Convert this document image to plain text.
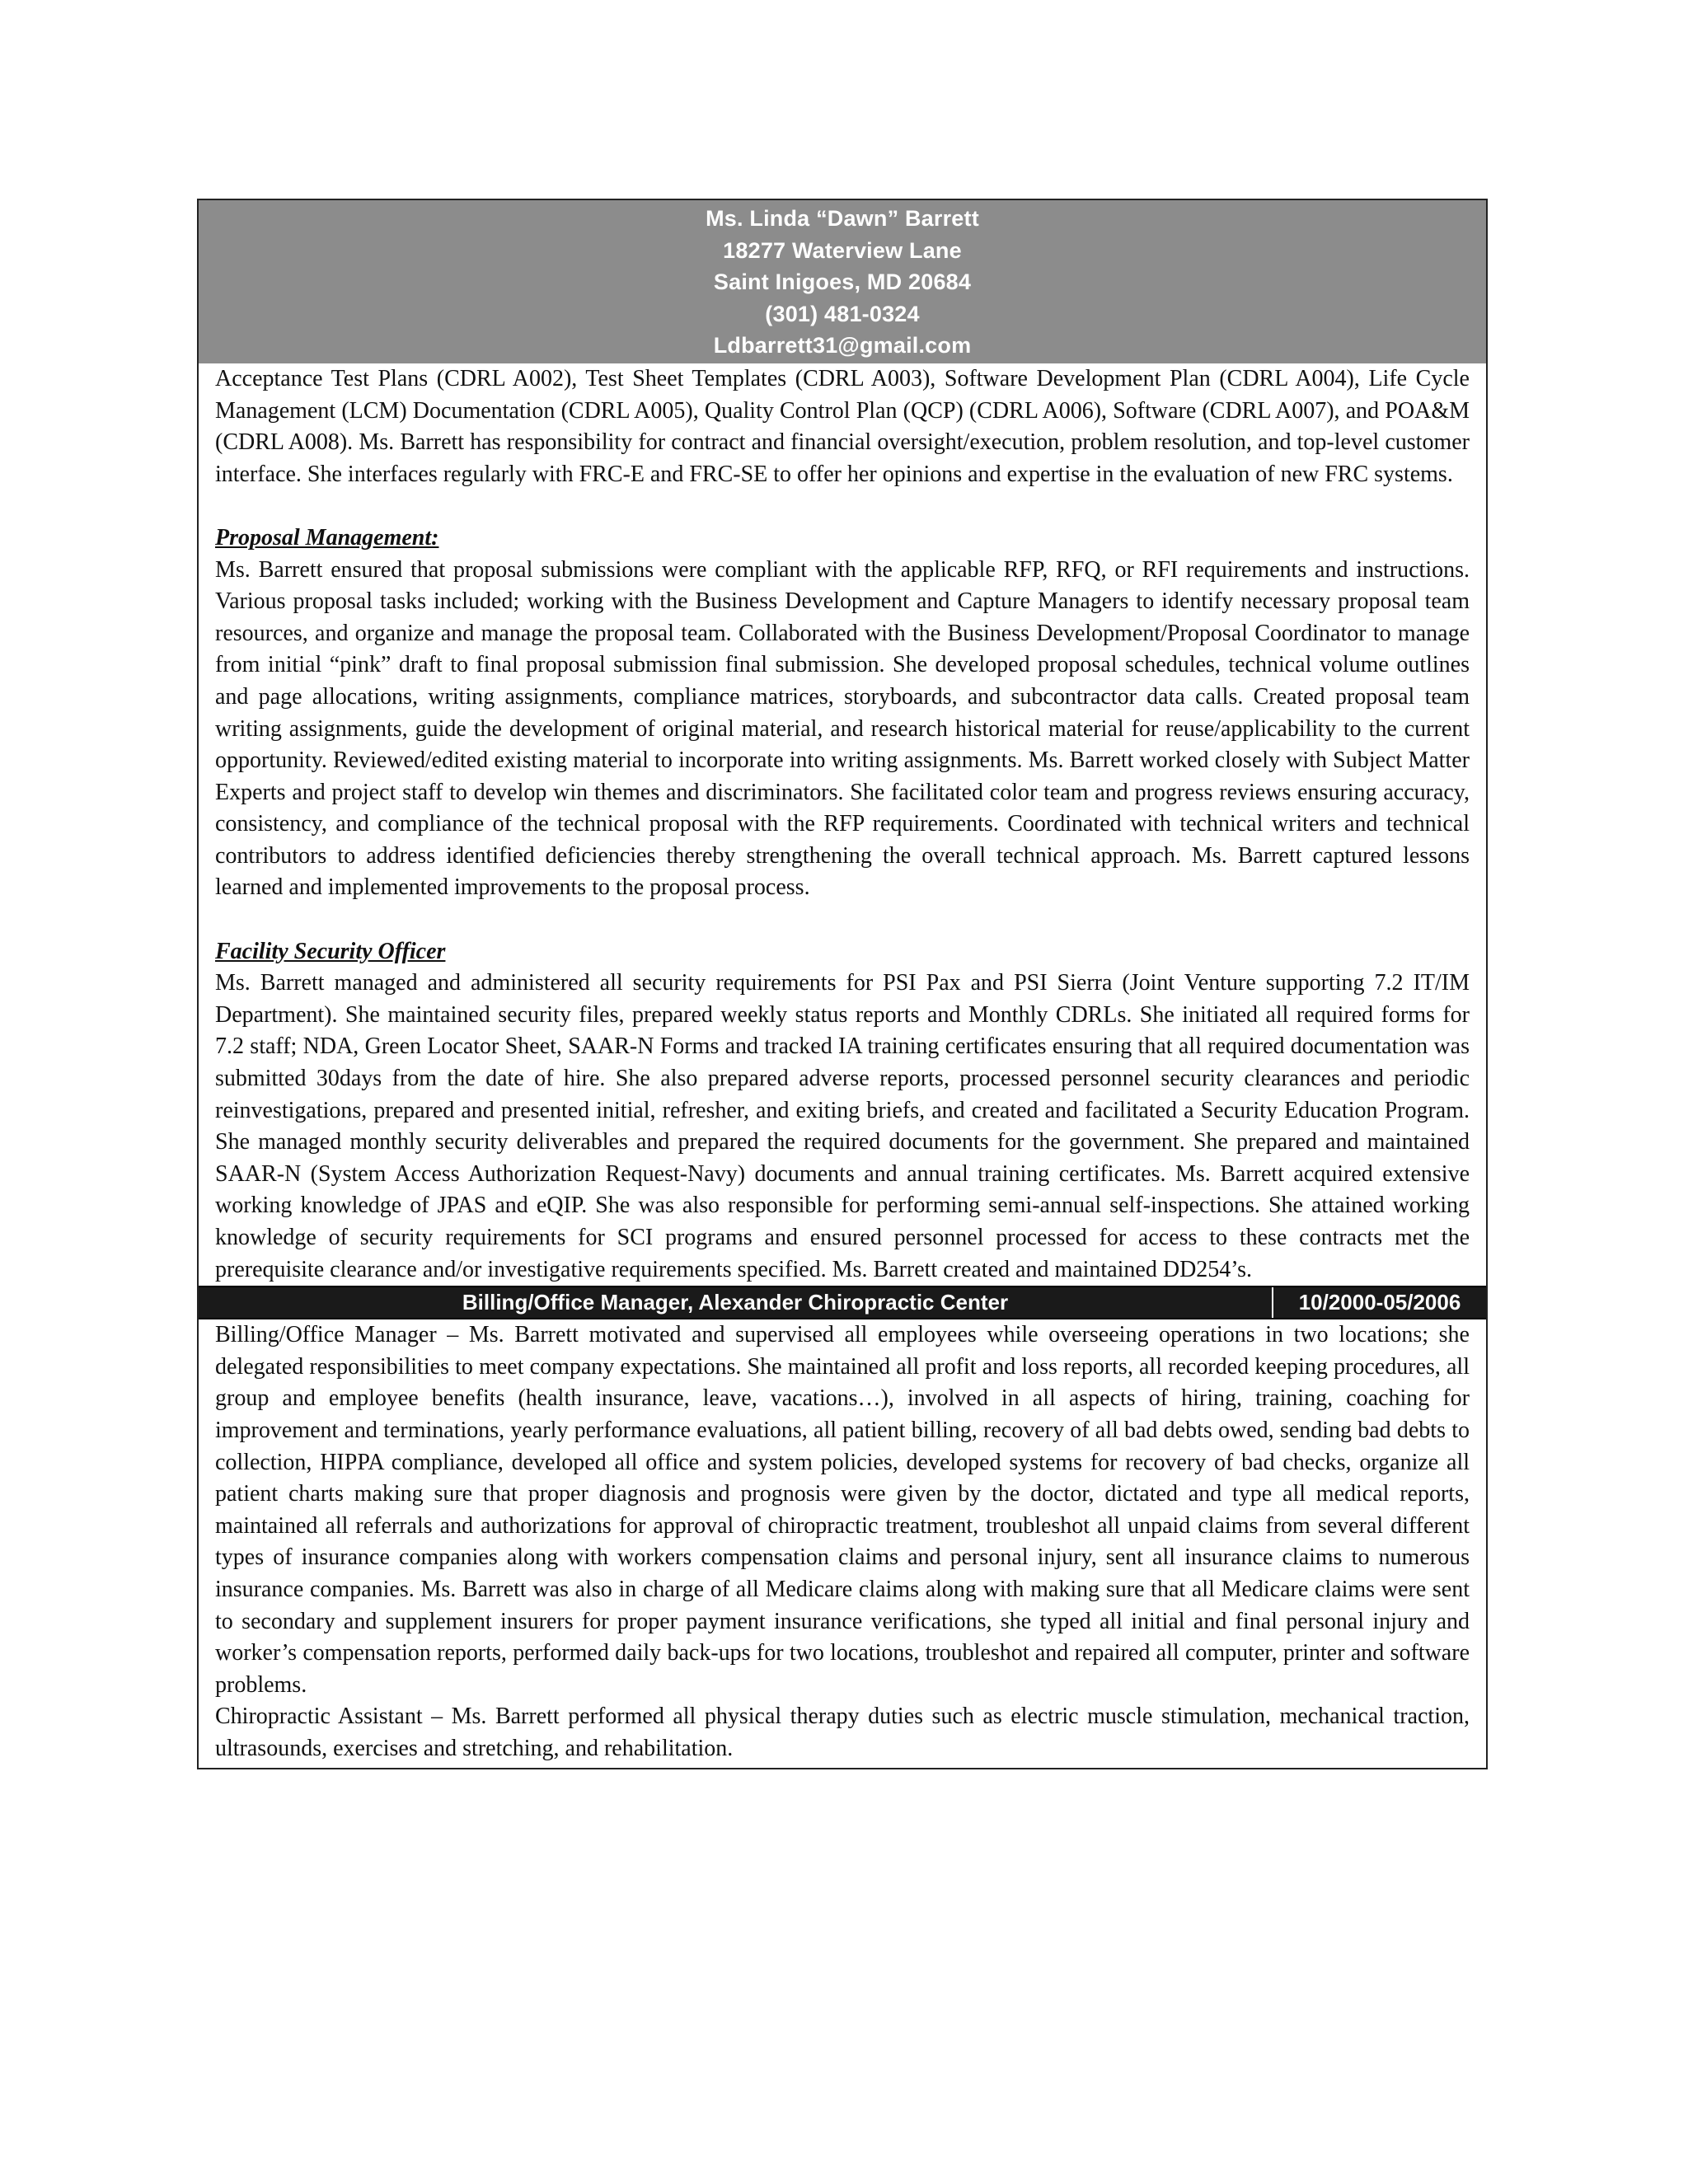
Ms. Linda “Dawn” Barrett
18277 Waterview Lane
Saint Inigoes, MD 20684
(301) 481-0324
Ldbarrett31@gmail.com

Acceptance Test Plans (CDRL A002), Test Sheet Templates (CDRL A003), Software Development Plan (CDRL A004), Life Cycle Management (LCM) Documentation (CDRL A005), Quality Control Plan (QCP) (CDRL A006), Software (CDRL A007), and POA&M (CDRL A008). Ms. Barrett has responsibility for contract and financial oversight/execution, problem resolution, and top-level customer interface. She interfaces regularly with FRC-E and FRC-SE to offer her opinions and expertise in the evaluation of new FRC systems.

Proposal Management:

Ms. Barrett ensured that proposal submissions were compliant with the applicable RFP, RFQ, or RFI requirements and instructions. Various proposal tasks included; working with the Business Development and Capture Managers to identify necessary proposal team resources, and organize and manage the proposal team. Collaborated with the Business Development/Proposal Coordinator to manage from initial “pink” draft to final proposal submission final submission. She developed proposal schedules, technical volume outlines and page allocations, writing assignments, compliance matrices, storyboards, and subcontractor data calls. Created proposal team writing assignments, guide the development of original material, and research historical material for reuse/applicability to the current opportunity. Reviewed/edited existing material to incorporate into writing assignments. Ms. Barrett worked closely with Subject Matter Experts and project staff to develop win themes and discriminators. She facilitated color team and progress reviews ensuring accuracy, consistency, and compliance of the technical proposal with the RFP requirements. Coordinated with technical writers and technical contributors to address identified deficiencies thereby strengthening the overall technical approach. Ms. Barrett captured lessons learned and implemented improvements to the proposal process.

Facility Security Officer

Ms. Barrett managed and administered all security requirements for PSI Pax and PSI Sierra (Joint Venture supporting 7.2 IT/IM Department). She maintained security files, prepared weekly status reports and Monthly CDRLs. She initiated all required forms for 7.2 staff; NDA, Green Locator Sheet, SAAR-N Forms and tracked IA training certificates ensuring that all required documentation was submitted 30days from the date of hire. She also prepared adverse reports, processed personnel security clearances and periodic reinvestigations, prepared and presented initial, refresher, and exiting briefs, and created and facilitated a Security Education Program. She managed monthly security deliverables and prepared the required documents for the government. She prepared and maintained SAAR-N (System Access Authorization Request-Navy) documents and annual training certificates. Ms. Barrett acquired extensive working knowledge of JPAS and eQIP. She was also responsible for performing semi-annual self-inspections. She attained working knowledge of security requirements for SCI programs and ensured personnel processed for access to these contracts met the prerequisite clearance and/or investigative requirements specified. Ms. Barrett created and maintained DD254’s.

Billing/Office Manager, Alexander Chiropractic Center	10/2000-05/2006

Billing/Office Manager – Ms. Barrett motivated and supervised all employees while overseeing operations in two locations; she delegated responsibilities to meet company expectations. She maintained all profit and loss reports, all recorded keeping procedures, all group and employee benefits (health insurance, leave, vacations…), involved in all aspects of hiring, training, coaching for improvement and terminations, yearly performance evaluations, all patient billing, recovery of all bad debts owed, sending bad debts to collection, HIPPA compliance, developed all office and system policies, developed systems for recovery of bad checks, organize all patient charts making sure that proper diagnosis and prognosis were given by the doctor, dictated and type all medical reports, maintained all referrals and authorizations for approval of chiropractic treatment, troubleshot all unpaid claims from several different types of insurance companies along with workers compensation claims and personal injury, sent all insurance claims to numerous insurance companies. Ms. Barrett was also in charge of all Medicare claims along with making sure that all Medicare claims were sent to secondary and supplement insurers for proper payment insurance verifications, she typed all initial and final personal injury and worker’s compensation reports, performed daily back-ups for two locations, troubleshot and repaired all computer, printer and software problems.

Chiropractic Assistant – Ms. Barrett performed all physical therapy duties such as electric muscle stimulation, mechanical traction, ultrasounds, exercises and stretching, and rehabilitation.
